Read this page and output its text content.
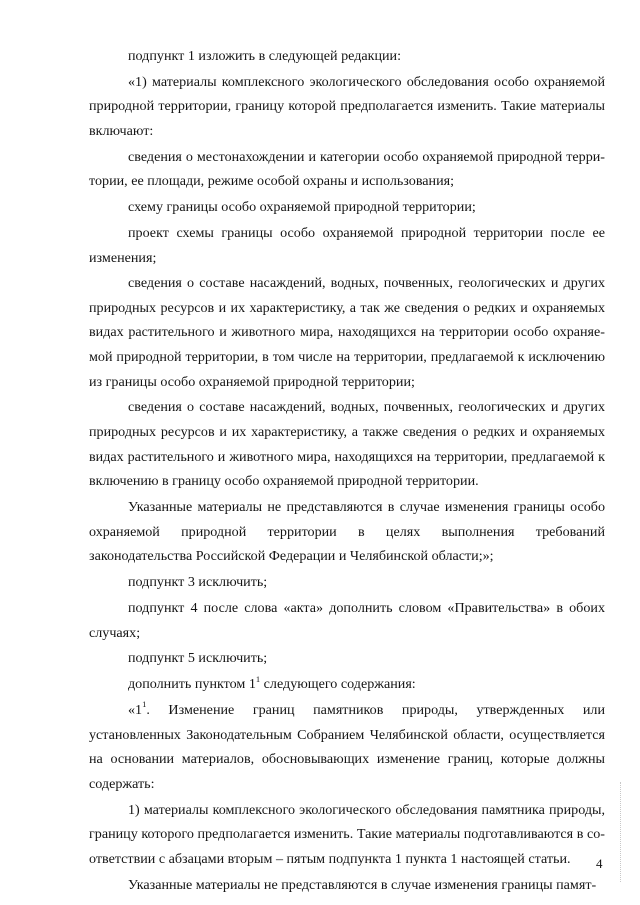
подпункт 1 изложить в следующей редакции:

«1) материалы комплексного экологического обследования особо охраняемой природной территории, границу которой предполагается изменить. Такие материалы включают:

сведения о местонахождении и категории особо охраняемой природной территории, ее площади, режиме особой охраны и использования;

схему границы особо охраняемой природной территории;

проект схемы границы особо охраняемой природной территории после ее изменения;

сведения о составе насаждений, водных, почвенных, геологических и других природных ресурсов и их характеристику, а так же сведения о редких и охраняемых видах растительного и животного мира, находящихся на территории особо охраняемой природной территории, в том числе на территории, предлагаемой к исключению из границы особо охраняемой природной территории;

сведения о составе насаждений, водных, почвенных, геологических и других природных ресурсов и их характеристику, а также сведения о редких и охраняемых видах растительного и животного мира, находящихся на территории, предлагаемой к включению в границу особо охраняемой природной территории.

Указанные материалы не представляются в случае изменения границы особо охраняемой природной территории в целях выполнения требований законодательства Российской Федерации и Челябинской области;»;

подпункт 3 исключить;

подпункт 4 после слова «акта» дополнить словом «Правительства» в обоих случаях;

подпункт 5 исключить;

дополнить пунктом $1^1$ следующего содержания:

«$1^1$. Изменение границ памятников природы, утвержденных или установленных Законодательным Собранием Челябинской области, осуществляется на основании материалов, обосновывающих изменение границ, которые должны содержать:

1) материалы комплексного экологического обследования памятника природы, границу которого предполагается изменить. Такие материалы подготавливаются в соответствии с абзацами вторым – пятым подпункта 1 пункта 1 настоящей статьи.

Указанные материалы не представляются в случае изменения границы памят-

4
